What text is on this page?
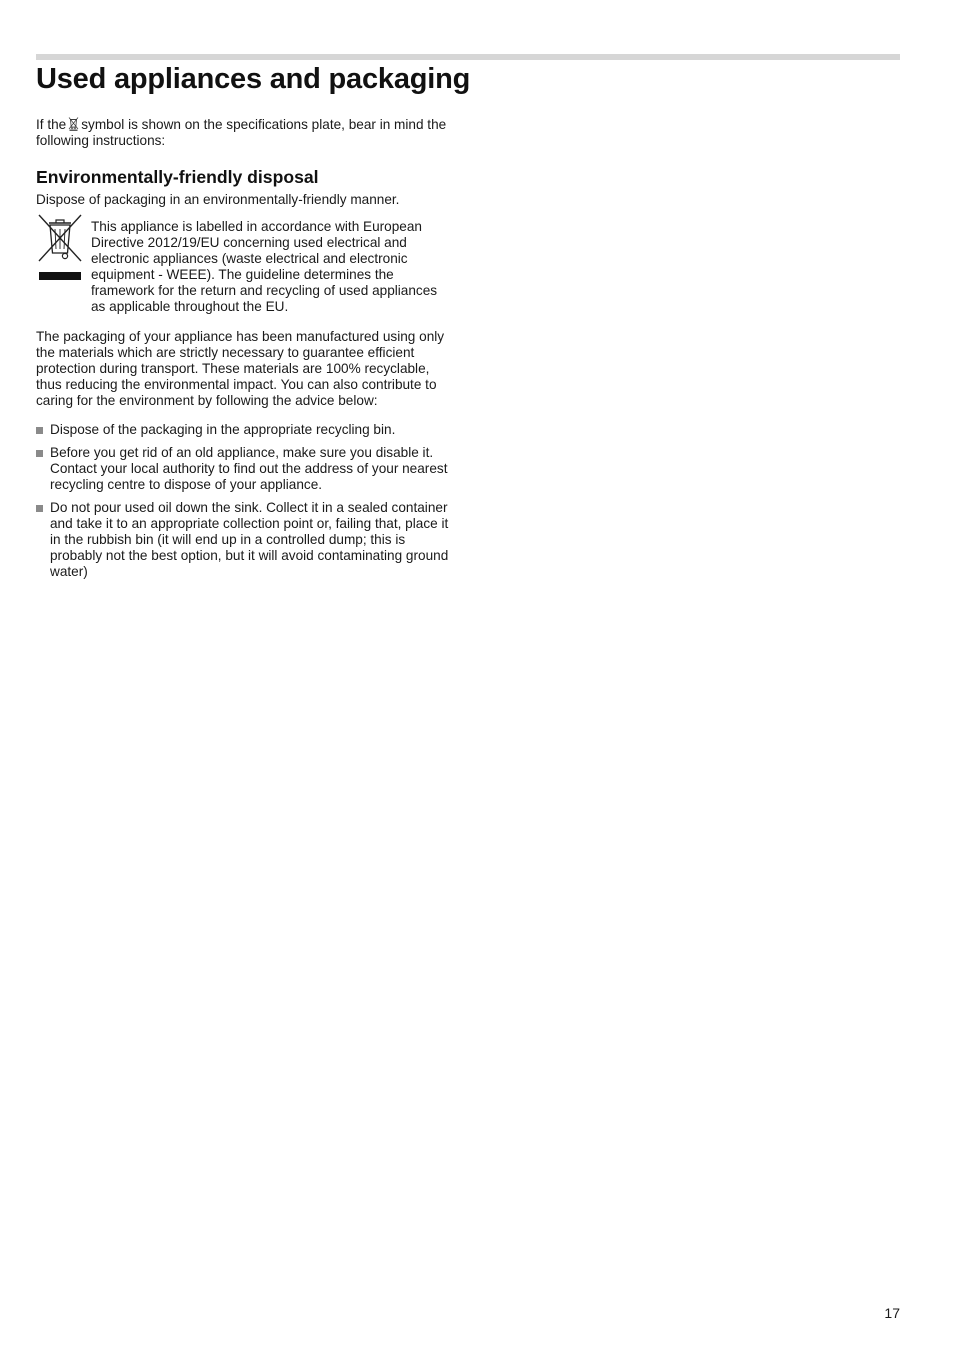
Used appliances and packaging

If the symbol is shown on the specifications plate, bear in mind the following instructions:

Environmentally-friendly disposal

Dispose of packaging in an environmentally-friendly manner.

This appliance is labelled in accordance with European Directive 2012/19/EU concerning used electrical and electronic appliances (waste electrical and electronic equipment - WEEE). The guideline determines the framework for the return and recycling of used appliances as applicable throughout the EU.

The packaging of your appliance has been manufactured using only the materials which are strictly necessary to guarantee efficient protection during transport. These materials are 100% recyclable, thus reducing the environmental impact. You can also contribute to caring for the environment by following the advice below:

Dispose of the packaging in the appropriate recycling bin.
Before you get rid of an old appliance, make sure you disable it. Contact your local authority to find out the address of your nearest recycling centre to dispose of your appliance.
Do not pour used oil down the sink. Collect it in a sealed container and take it to an appropriate collection point or, failing that, place it in the rubbish bin (it will end up in a controlled dump; this is probably not the best option, but it will avoid contaminating ground water)
17
